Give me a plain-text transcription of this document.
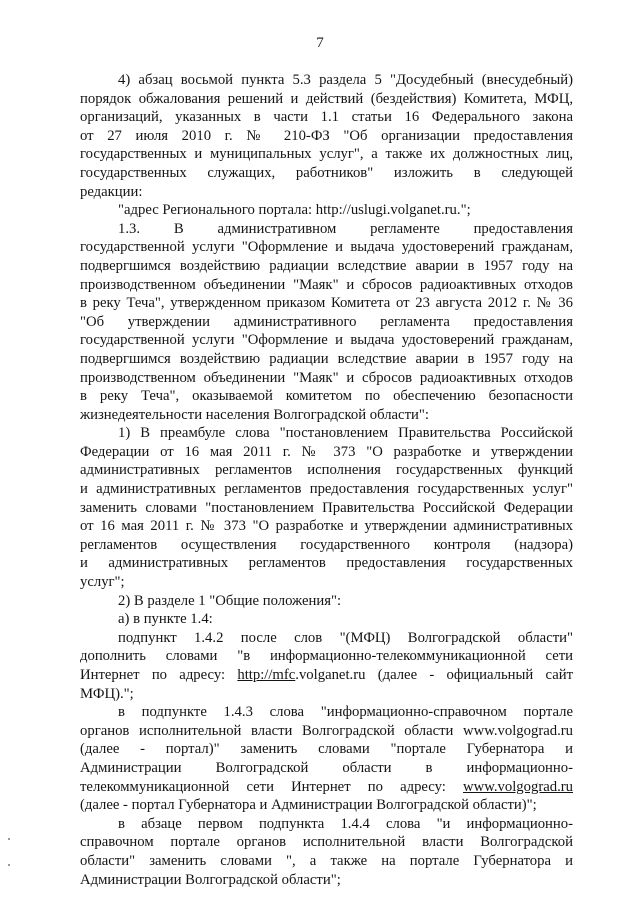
7
4) абзац восьмой пункта 5.3 раздела 5 "Досудебный (внесудебный)
порядок обжалования решений и действий (бездействия) Комитета, МФЦ,
организаций, указанных в части 1.1 статьи 16 Федерального закона
от 27 июля 2010 г. № 210-ФЗ "Об организации предоставления
государственных и муниципальных услуг", а также их должностных лиц,
государственных служащих, работников" изложить в следующей
редакции:
"адрес Регионального портала: http://uslugi.volganet.ru.";
1.3. В административном регламенте предоставления
государственной услуги "Оформление и выдача удостоверений гражданам,
подвергшимся воздействию радиации вследствие аварии в 1957 году на
производственном объединении "Маяк" и сбросов радиоактивных отходов
в реку Теча", утвержденном приказом Комитета от 23 августа 2012 г. № 36
"Об утверждении административного регламента предоставления
государственной услуги "Оформление и выдача удостоверений гражданам,
подвергшимся воздействию радиации вследствие аварии в 1957 году на
производственном объединении "Маяк" и сбросов радиоактивных отходов
в реку Теча", оказываемой комитетом по обеспечению безопасности
жизнедеятельности населения Волгоградской области":
1) В преамбуле слова "постановлением Правительства Российской
Федерации от 16 мая 2011 г. № 373 "О разработке и утверждении
административных регламентов исполнения государственных функций
и административных регламентов предоставления государственных услуг"
заменить словами "постановлением Правительства Российской Федерации
от 16 мая 2011 г. № 373 "О разработке и утверждении административных
регламентов осуществления государственного контроля (надзора)
и административных регламентов предоставления государственных
услуг";
2) В разделе 1 "Общие положения":
а) в пункте 1.4:
подпункт 1.4.2 после слов "(МФЦ) Волгоградской области"
дополнить словами "в информационно-телекоммуникационной сети
Интернет по адресу: http://mfc.volganet.ru (далее - официальный сайт
МФЦ).";
в подпункте 1.4.3 слова "информационно-справочном портале
органов исполнительной власти Волгоградской области www.volgograd.ru
(далее - портал)" заменить словами "портале Губернатора и
Администрации Волгоградской области в информационно-
телекоммуникационной сети Интернет по адресу: www.volgograd.ru
(далее - портал Губернатора и Администрации Волгоградской области)";
в абзаце первом подпункта 1.4.4 слова "и информационно-
справочном портале органов исполнительной власти Волгоградской
области" заменить словами ", а также на портале Губернатора и
Администрации Волгоградской области";
